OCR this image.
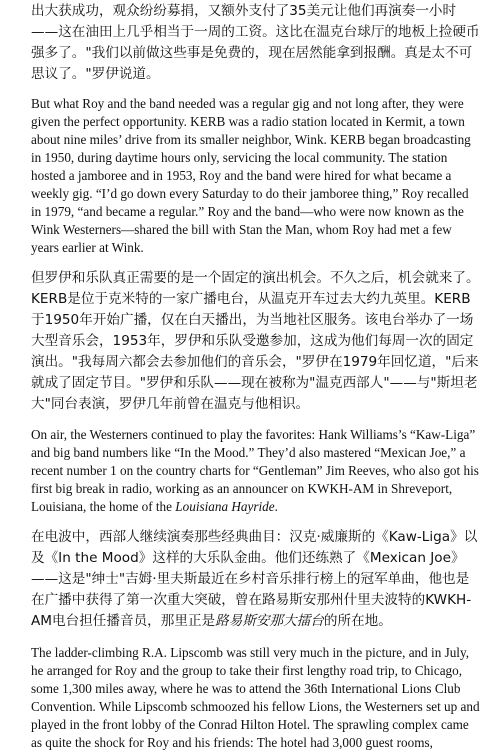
出大获成功，观众纷纷募捐，又额外支付了35美元让他们再演奏一小时——这在油田上几乎相当于一周的工资。这比在温克台球厅的地板上捡硬币强多了。"我们以前做这些事是免费的，现在居然能拿到报酬。真是太不可思议了。"罗伊说道。

But what Roy and the band needed was a regular gig and not long after, they were given the perfect opportunity. KERB was a radio station located in Kermit, a town about nine miles’ drive from its smaller neighbor, Wink. KERB began broadcasting in 1950, during daytime hours only, servicing the local community. The station hosted a jamboree and in 1953, Roy and the band were hired for what became a weekly gig. “I’d go down every Saturday to do their jamboree thing,” Roy recalled in 1979, “and became a regular.” Roy and the band—who were now known as the Wink Westerners—shared the bill with Stan the Man, whom Roy had met a few years earlier at Wink.

但罗伊和乐队真正需要的是一个固定的演出机会。不久之后，机会就来了。KERB是位于克米特的一家广播电台，从温克开车过去大约九英里。KERB于1950年开始广播，仅在白天播出，为当地社区服务。该电台举办了一场大型音乐会，1953年，罗伊和乐队受邀参加，这成为他们每周一次的固定演出。"我每周六都会去参加他们的音乐会，"罗伊在1979年回忆道，"后来就成了固定节目。"罗伊和乐队——现在被称为"温克西部人"——与"斯坦老大"同台表演，罗伊几年前曾在温克与他相识。

On air, the Westerners continued to play the favorites: Hank Williams’s “Kaw-Liga” and big band numbers like “In the Mood.” They’d also mastered “Mexican Joe,” a recent number 1 on the country charts for “Gentleman” Jim Reeves, who also got his first big break in radio, working as an announcer on KWKH-AM in Shreveport, Louisiana, the home of the Louisiana Hayride.

在电波中，西部人继续演奏那些经典曲目：汉克·威廉斯的《Kaw-Liga》以及《In the Mood》这样的大乐队金曲。他们还练熟了《Mexican Joe》——这是"绅士"吉姆·里夫斯最近在乡村音乐排行榜上的冠军单曲，他也是在广播中获得了第一次重大突破，曾在路易斯安那州什里夫波特的KWKH-AM电台担任播音员，那里正是路易斯安那大擂台的所在地。

The ladder-climbing R.A. Lipscomb was still very much in the picture, and in July, he arranged for Roy and the group to take their first lengthy road trip, to Chicago, some 1,300 miles away, where he was to attend the 36th International Lions Club Convention. While Lipscomb schmoozed his fellow Lions, the Westerners set up and played in the front lobby of the Conrad Hilton Hotel. The sprawling complex came as quite the shock for Roy and his friends: The hotel had 3,000 guest rooms,
